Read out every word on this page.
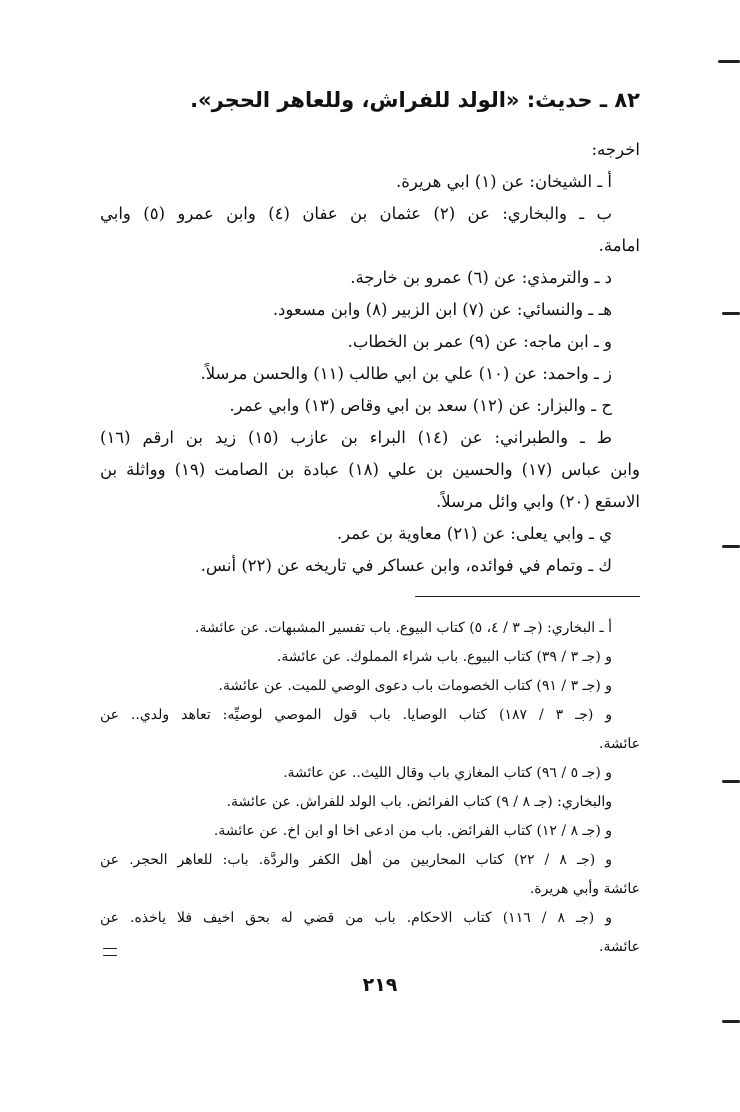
٨٢ ـ حديث: «الولد للفراش، وللعاهر الحجر».
اخرجه:
أ ـ الشيخان: عن (١) ابي هريرة.
ب ـ والبخاري: عن (٢) عثمان بن عفان (٤) وابن عمرو (٥) وابي
امامة.
د ـ والترمذي: عن (٦) عمرو بن خارجة.
هـ ـ والنسائي: عن (٧) ابن الزبير (٨) وابن مسعود.
و ـ ابن ماجه: عن (٩) عمر بن الخطاب.
ز ـ واحمد: عن (١٠) علي بن ابي طالب (١١) والحسن مرسلاً.
ح ـ والبزار: عن (١٢) سعد بن ابي وقاص (١٣) وابي عمر.
ط ـ والطبراني: عن (١٤) البراء بن عازب (١٥) زيد بن ارقم (١٦)
وابن عباس (١٧) والحسين بن علي (١٨) عبادة بن الصامت (١٩) وواثلة بن
الاسقع (٢٠) وابي وائل مرسلاً.
ي ـ وابي يعلى: عن (٢١) معاوية بن عمر.
ك ـ وتمام في فوائده، وابن عساكر في تاريخه عن (٢٢) أنس.
أ ـ البخاري: (جـ ٣ / ٤، ٥) كتاب البيوع. باب تفسير المشبهات. عن عائشة.
و (جـ ٣ / ٣٩) كتاب البيوع. باب شراء المملوك. عن عائشة.
و (جـ ٣ / ٩١) كتاب الخصومات باب دعوى الوصي للميت. عن عائشة.
و (جـ ٣ / ١٨٧) كتاب الوصايا. باب قول الموصي لوصيِّه: تعاهد ولدي.. عن
عائشة.
و (جـ ٥ / ٩٦) كتاب المغازي باب وقال الليث.. عن عائشة.
والبخاري: (جـ ٨ / ٩) كتاب الفرائض. باب الولد للفراش. عن عائشة.
و (جـ ٨ / ١٢) كتاب الفرائض. باب من ادعى اخا او ابن اخ. عن عائشة.
و (جـ ٨ / ٢٢) كتاب المحاربين من أهل الكفر والردَّة. باب: للعاهر الحجر. عن
عائشة وأبي هريرة.
و (جـ ٨ / ١١٦) كتاب الاحكام. باب من قضي له بحق اخيف فلا ياخذه. عن
عائشة.
٢١٩
